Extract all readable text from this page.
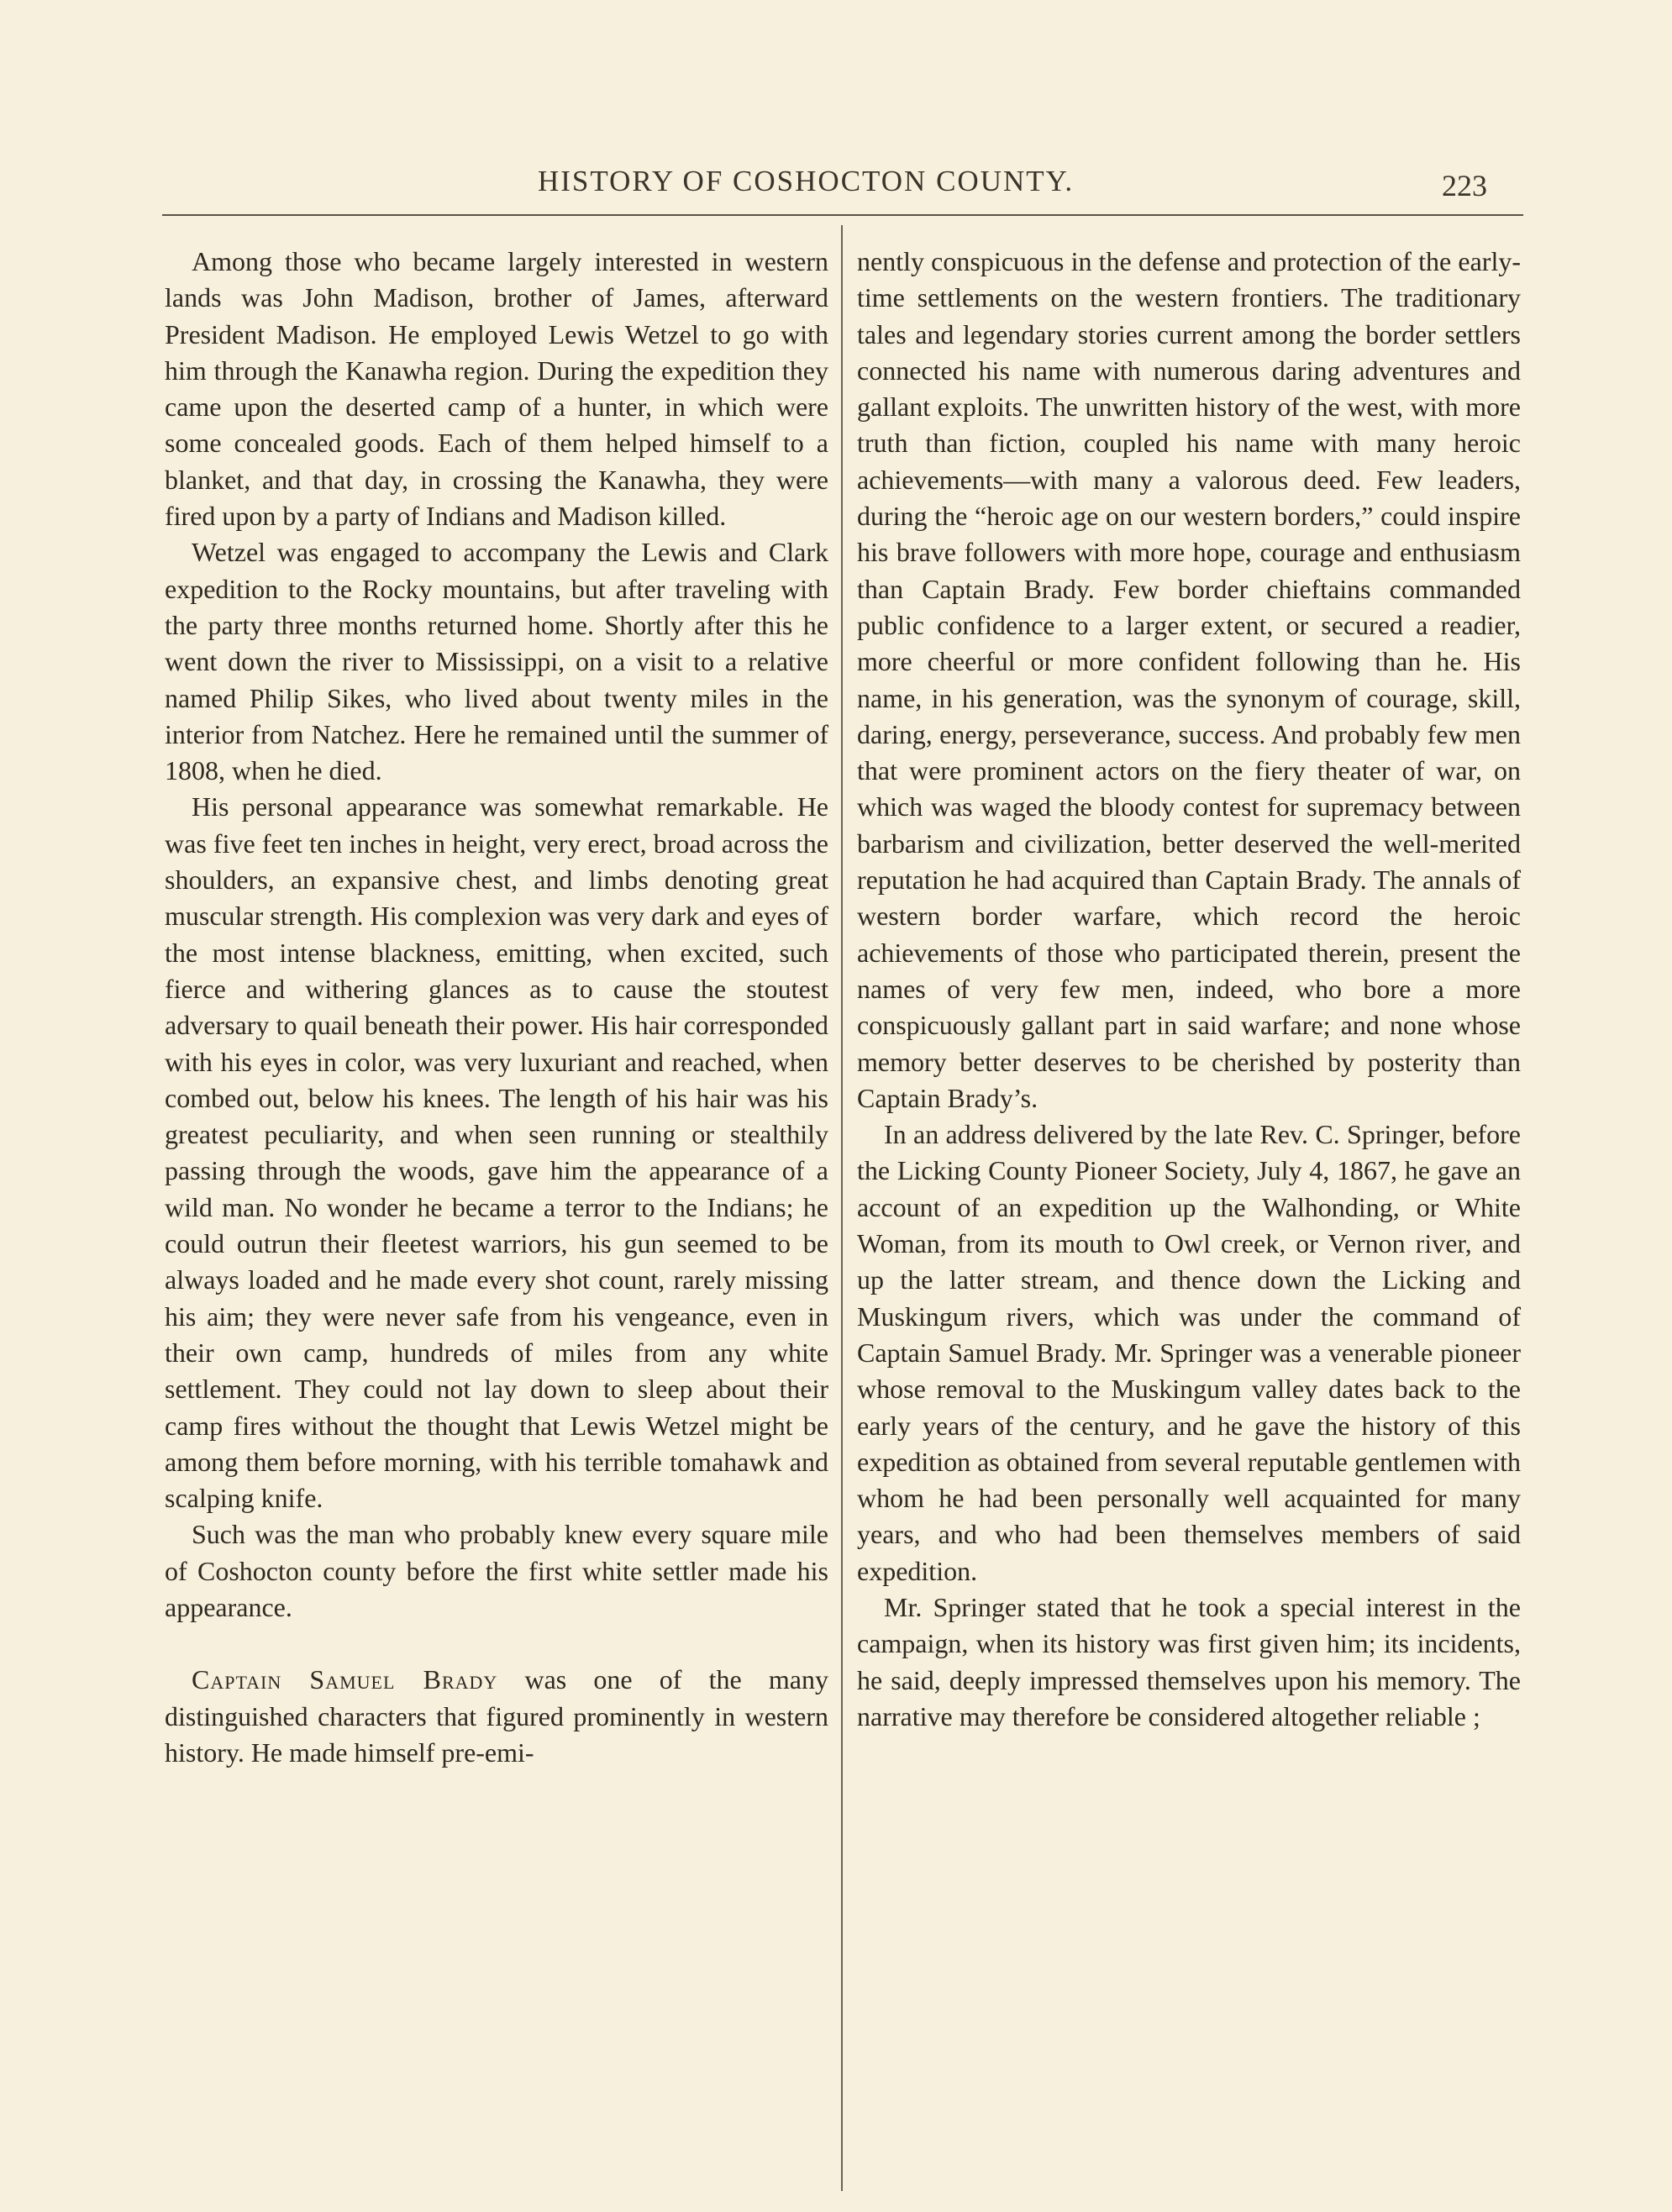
HISTORY OF COSHOCTON COUNTY.	223

Among those who became largely interested in western lands was John Madison, brother of James, afterward President Madison. He employed Lewis Wetzel to go with him through the Kanawha region. During the expedition they came upon the deserted camp of a hunter, in which were some concealed goods. Each of them helped himself to a blanket, and that day, in crossing the Kanawha, they were fired upon by a party of Indians and Madison killed.

Wetzel was engaged to accompany the Lewis and Clark expedition to the Rocky mountains, but after traveling with the party three months returned home. Shortly after this he went down the river to Mississippi, on a visit to a relative named Philip Sikes, who lived about twenty miles in the interior from Natchez. Here he remained until the summer of 1808, when he died.

His personal appearance was somewhat remarkable. He was five feet ten inches in height, very erect, broad across the shoulders, an expansive chest, and limbs denoting great muscular strength. His complexion was very dark and eyes of the most intense blackness, emitting, when excited, such fierce and withering glances as to cause the stoutest adversary to quail beneath their power. His hair corresponded with his eyes in color, was very luxuriant and reached, when combed out, below his knees. The length of his hair was his greatest peculiarity, and when seen running or stealthily passing through the woods, gave him the appearance of a wild man. No wonder he became a terror to the Indians; he could outrun their fleetest warriors, his gun seemed to be always loaded and he made every shot count, rarely missing his aim; they were never safe from his vengeance, even in their own camp, hundreds of miles from any white settlement. They could not lay down to sleep about their camp fires without the thought that Lewis Wetzel might be among them before morning, with his terrible tomahawk and scalping knife.

Such was the man who probably knew every square mile of Coshocton county before the first white settler made his appearance.

Captain Samuel Brady was one of the many distinguished characters that figured prominently in western history. He made himself pre-emi-

nently conspicuous in the defense and protection of the early-time settlements on the western frontiers. The traditionary tales and legendary stories current among the border settlers connected his name with numerous daring adventures and gallant exploits. The unwritten history of the west, with more truth than fiction, coupled his name with many heroic achievements—with many a valorous deed. Few leaders, during the “heroic age on our western borders,” could inspire his brave followers with more hope, courage and enthusiasm than Captain Brady. Few border chieftains commanded public confidence to a larger extent, or secured a readier, more cheerful or more confident following than he. His name, in his generation, was the synonym of courage, skill, daring, energy, perseverance, success. And probably few men that were prominent actors on the fiery theater of war, on which was waged the bloody contest for supremacy between barbarism and civilization, better deserved the well-merited reputation he had acquired than Captain Brady. The annals of western border warfare, which record the heroic achievements of those who participated therein, present the names of very few men, indeed, who bore a more conspicuously gallant part in said warfare; and none whose memory better deserves to be cherished by posterity than Captain Brady’s.

In an address delivered by the late Rev. C. Springer, before the Licking County Pioneer Society, July 4, 1867, he gave an account of an expedition up the Walhonding, or White Woman, from its mouth to Owl creek, or Vernon river, and up the latter stream, and thence down the Licking and Muskingum rivers, which was under the command of Captain Samuel Brady. Mr. Springer was a venerable pioneer whose removal to the Muskingum valley dates back to the early years of the century, and he gave the history of this expedition as obtained from several reputable gentlemen with whom he had been personally well acquainted for many years, and who had been themselves members of said expedition.

Mr. Springer stated that he took a special interest in the campaign, when its history was first given him; its incidents, he said, deeply impressed themselves upon his memory. The narrative may therefore be considered altogether reliable ;
